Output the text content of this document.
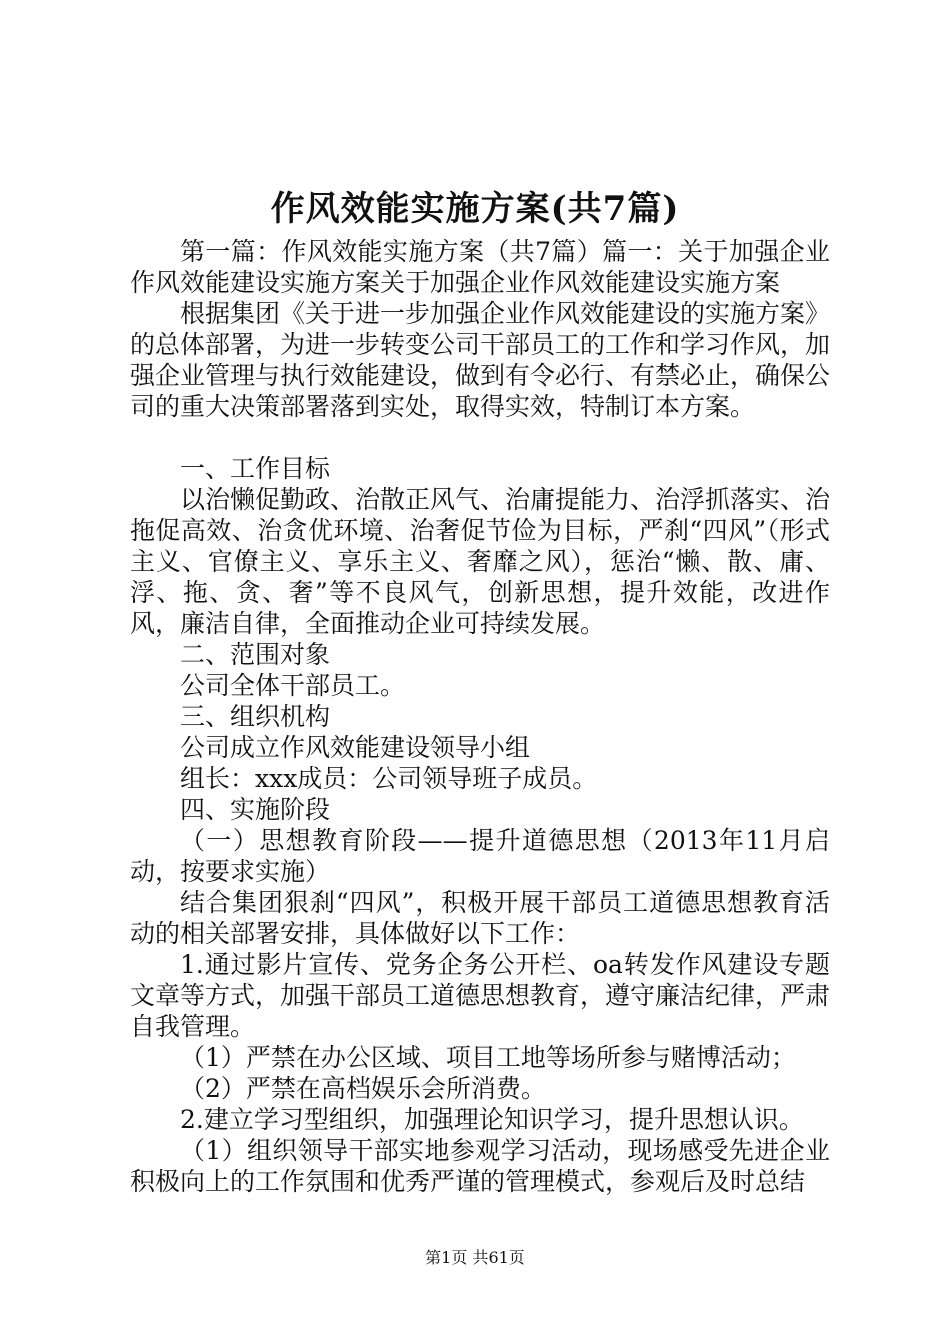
作风效能实施方案(共7篇)

第一篇：作风效能实施方案（共7篇）篇一：关于加强企业作风效能建设实施方案关于加强企业作风效能建设实施方案

根据集团《关于进一步加强企业作风效能建设的实施方案》的总体部署，为进一步转变公司干部员工的工作和学习作风，加强企业管理与执行效能建设，做到有令必行、有禁必止，确保公司的重大决策部署落到实处，取得实效，特制订本方案。

一、工作目标

以治懒促勤政、治散正风气、治庸提能力、治浮抓落实、治拖促高效、治贪优环境、治奢促节俭为目标，严刹“四风”（形式主义、官僚主义、享乐主义、奢靡之风），惩治“懒、散、庸、浮、拖、贪、奢”等不良风气，创新思想，提升效能，改进作风，廉洁自律，全面推动企业可持续发展。

二、范围对象

公司全体干部员工。

三、组织机构

公司成立作风效能建设领导小组

组长：xxx成员：公司领导班子成员。

四、实施阶段

（一）思想教育阶段——提升道德思想（2013年11月启动，按要求实施）

结合集团狠刹“四风”，积极开展干部员工道德思想教育活动的相关部署安排，具体做好以下工作：

1.通过影片宣传、党务企务公开栏、oa转发作风建设专题文章等方式，加强干部员工道德思想教育，遵守廉洁纪律，严肃自我管理。

（1）严禁在办公区域、项目工地等场所参与赌博活动；

（2）严禁在高档娱乐会所消费。

2.建立学习型组织，加强理论知识学习，提升思想认识。

（1）组织领导干部实地参观学习活动，现场感受先进企业积极向上的工作氛围和优秀严谨的管理模式，参观后及时总结

第1页 共61页
